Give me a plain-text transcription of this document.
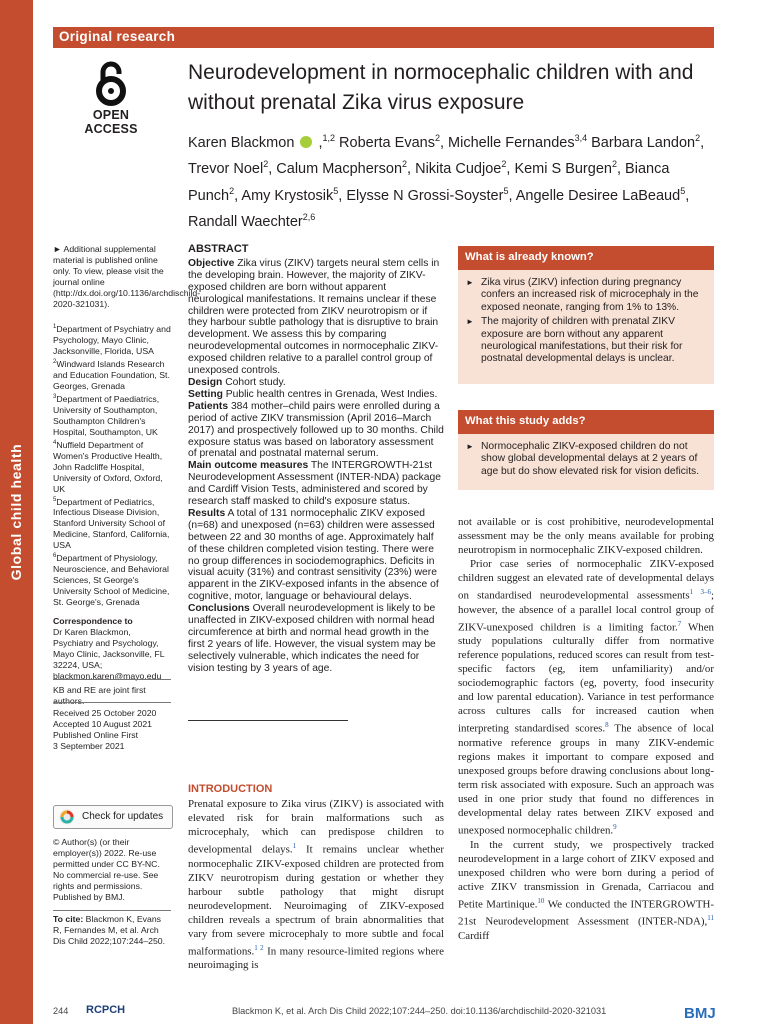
Global child health
Original research
OPEN ACCESS
Neurodevelopment in normocephalic children with and without prenatal Zika virus exposure
Karen Blackmon  ,$^{1,2}$ Roberta Evans$^2$, Michelle Fernandes$^{3,4}$ Barbara Landon$^2$, Trevor Noel$^2$, Calum Macpherson$^2$, Nikita Cudjoe$^2$, Kemi S Burgen$^2$, Bianca Punch$^2$, Amy Krystosik$^5$, Elysse N Grossi-Soyster$^5$, Angelle Desiree LaBeaud$^5$, Randall Waechter$^{2,6}$
► Additional supplemental material is published online only. To view, please visit the journal online (http://dx.doi.org/10.1136/archdischild-2020-321031).
$^1$Department of Psychiatry and Psychology, Mayo Clinic, Jacksonville, Florida, USA
$^2$Windward Islands Research and Education Foundation, St. Georges, Grenada
$^3$Department of Paediatrics, University of Southampton, Southampton Children's Hospital, Southampton, UK
$^4$Nuffield Department of Women's Productive Health, John Radcliffe Hospital, University of Oxford, Oxford, UK
$^5$Department of Pediatrics, Infectious Disease Division, Stanford University School of Medicine, Stanford, California, USA
$^6$Department of Physiology, Neuroscience, and Behavioral Sciences, St George's University School of Medicine, St. George's, Grenada
Correspondence to
Dr Karen Blackmon, Psychiatry and Psychology, Mayo Clinic, Jacksonville, FL 32224, USA; blackmon.karen@mayo.edu
KB and RE are joint first authors.
Received 25 October 2020
Accepted 10 August 2021
Published Online First
3 September 2021
Check for updates
© Author(s) (or their employer(s)) 2022. Re-use permitted under CC BY-NC. No commercial re-use. See rights and permissions. Published by BMJ.
To cite: Blackmon K, Evans R, Fernandes M, et al. Arch Dis Child 2022;107:244–250.
ABSTRACT

Objective Zika virus (ZIKV) targets neural stem cells in the developing brain. However, the majority of ZIKV-exposed children are born without apparent neurological manifestations. It remains unclear if these children were protected from ZIKV neurotropism or if they harbour subtle pathology that is disruptive to brain development. We assess this by comparing neurodevelopmental outcomes in normocephalic ZIKV-exposed children relative to a parallel control group of unexposed controls.

Design Cohort study.

Setting Public health centres in Grenada, West Indies.

Patients 384 mother–child pairs were enrolled during a period of active ZIKV transmission (April 2016–March 2017) and prospectively followed up to 30 months. Child exposure status was based on laboratory assessment of prenatal and postnatal maternal serum.

Main outcome measures The INTERGROWTH-21st Neurodevelopment Assessment (INTER-NDA) package and Cardiff Vision Tests, administered and scored by research staff masked to child's exposure status.

Results A total of 131 normocephalic ZIKV exposed (n=68) and unexposed (n=63) children were assessed between 22 and 30 months of age. Approximately half of these children completed vision testing. There were no group differences in sociodemographics. Deficits in visual acuity (31%) and contrast sensitivity (23%) were apparent in the ZIKV-exposed infants in the absence of cognitive, motor, language or behavioural delays.

Conclusions Overall neurodevelopment is likely to be unaffected in ZIKV-exposed children with normal head circumference at birth and normal head growth in the first 2 years of life. However, the visual system may be selectively vulnerable, which indicates the need for vision testing by 3 years of age.

What is already known?
► Zika virus (ZIKV) infection during pregnancy confers an increased risk of microcephaly in the exposed neonate, ranging from 1% to 13%.
► The majority of children with prenatal ZIKV exposure are born without any apparent neurological manifestations, but their risk for postnatal developmental delays is unclear.
What this study adds?
► Normocephalic ZIKV-exposed children do not show global developmental delays at 2 years of age but do show elevated risk for vision deficits.
INTRODUCTION

Prenatal exposure to Zika virus (ZIKV) is associated with elevated risk for brain malformations such as microcephaly, which can predispose children to developmental delays.$^1$ It remains unclear whether normocephalic ZIKV-exposed children are protected from ZIKV neurotropism during gestation or whether they harbour subtle pathology that might disrupt neurodevelopment. Neuroimaging of ZIKV-exposed children reveals a spectrum of brain abnormalities that vary from severe microcephaly to more subtle and focal malformations.$^{1 2}$ In many resource-limited regions where neuroimaging is

not available or is cost prohibitive, neurodevelopmental assessment may be the only means available for probing neurotropism in normocephalic ZIKV-exposed children.

Prior case series of normocephalic ZIKV-exposed children suggest an elevated rate of developmental delays on standardised neurodevelopmental assessments$^{1 3-6}$; however, the absence of a parallel local control group of ZIKV-unexposed children is a limiting factor.$^7$ When study populations culturally differ from normative reference populations, reduced scores can result from test-specific factors (eg, item unfamiliarity) and/or sociodemographic factors (eg, poverty, food insecurity and low parental education). Variance in test performance across cultures calls for increased caution when interpreting standardised scores.$^8$ The absence of local normative reference groups in many ZIKV-endemic regions makes it important to compare exposed and unexposed groups before drawing conclusions about long-term risk associated with exposure. Such an approach was used in one prior study that found no differences in developmental delay rates between ZIKV exposed and unexposed normocephalic children.$^9$

In the current study, we prospectively tracked neurodevelopment in a large cohort of ZIKV exposed and unexposed children who were born during a period of active ZIKV transmission in Grenada, Carriacou and Petite Martinique.$^{10}$ We conducted the INTERGROWTH-21st Neurodevelopment Assessment (INTER-NDA),$^{11}$ Cardiff

244 RCPCH	Blackmon K, et al. Arch Dis Child 2022;107:244–250. doi:10.1136/archdischild-2020-321031	BMJ
